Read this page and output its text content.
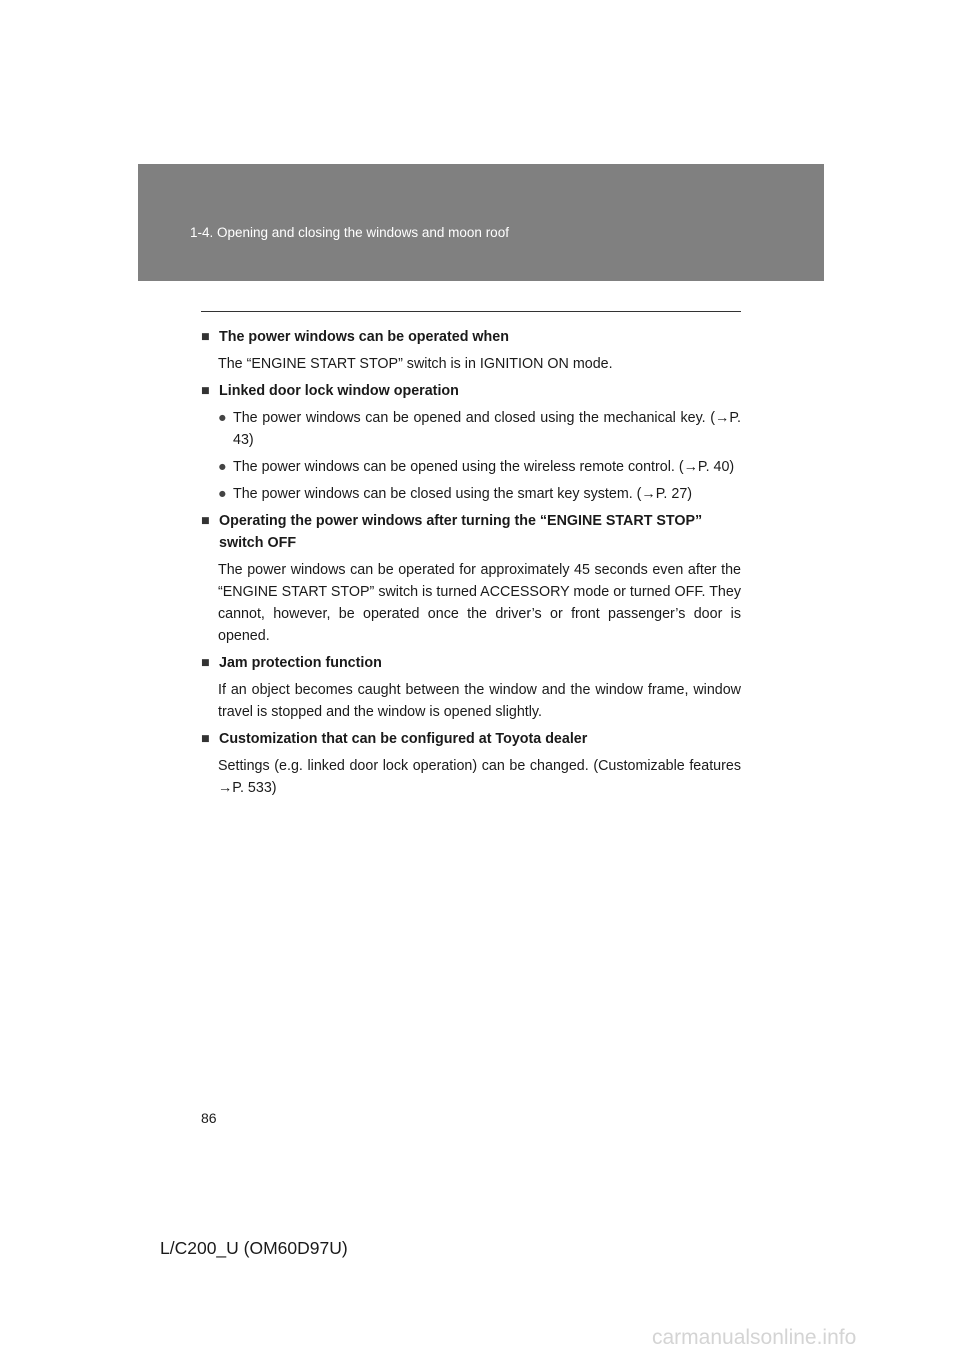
1-4. Opening and closing the windows and moon roof
■ The power windows can be operated when
The “ENGINE START STOP” switch is in IGNITION ON mode.
■ Linked door lock window operation
● The power windows can be opened and closed using the mechanical key. (→P. 43)
● The power windows can be opened using the wireless remote control. (→P. 40)
● The power windows can be closed using the smart key system. (→P. 27)
■ Operating the power windows after turning the “ENGINE START STOP” switch OFF
The power windows can be operated for approximately 45 seconds even after the “ENGINE START STOP” switch is turned ACCESSORY mode or turned OFF. They cannot, however, be operated once the driver’s or front passenger’s door is opened.
■ Jam protection function
If an object becomes caught between the window and the window frame, window travel is stopped and the window is opened slightly.
■ Customization that can be configured at Toyota dealer
Settings (e.g. linked door lock operation) can be changed. (Customizable features →P. 533)
86
L/C200_U (OM60D97U)
carmanualsonline.info
